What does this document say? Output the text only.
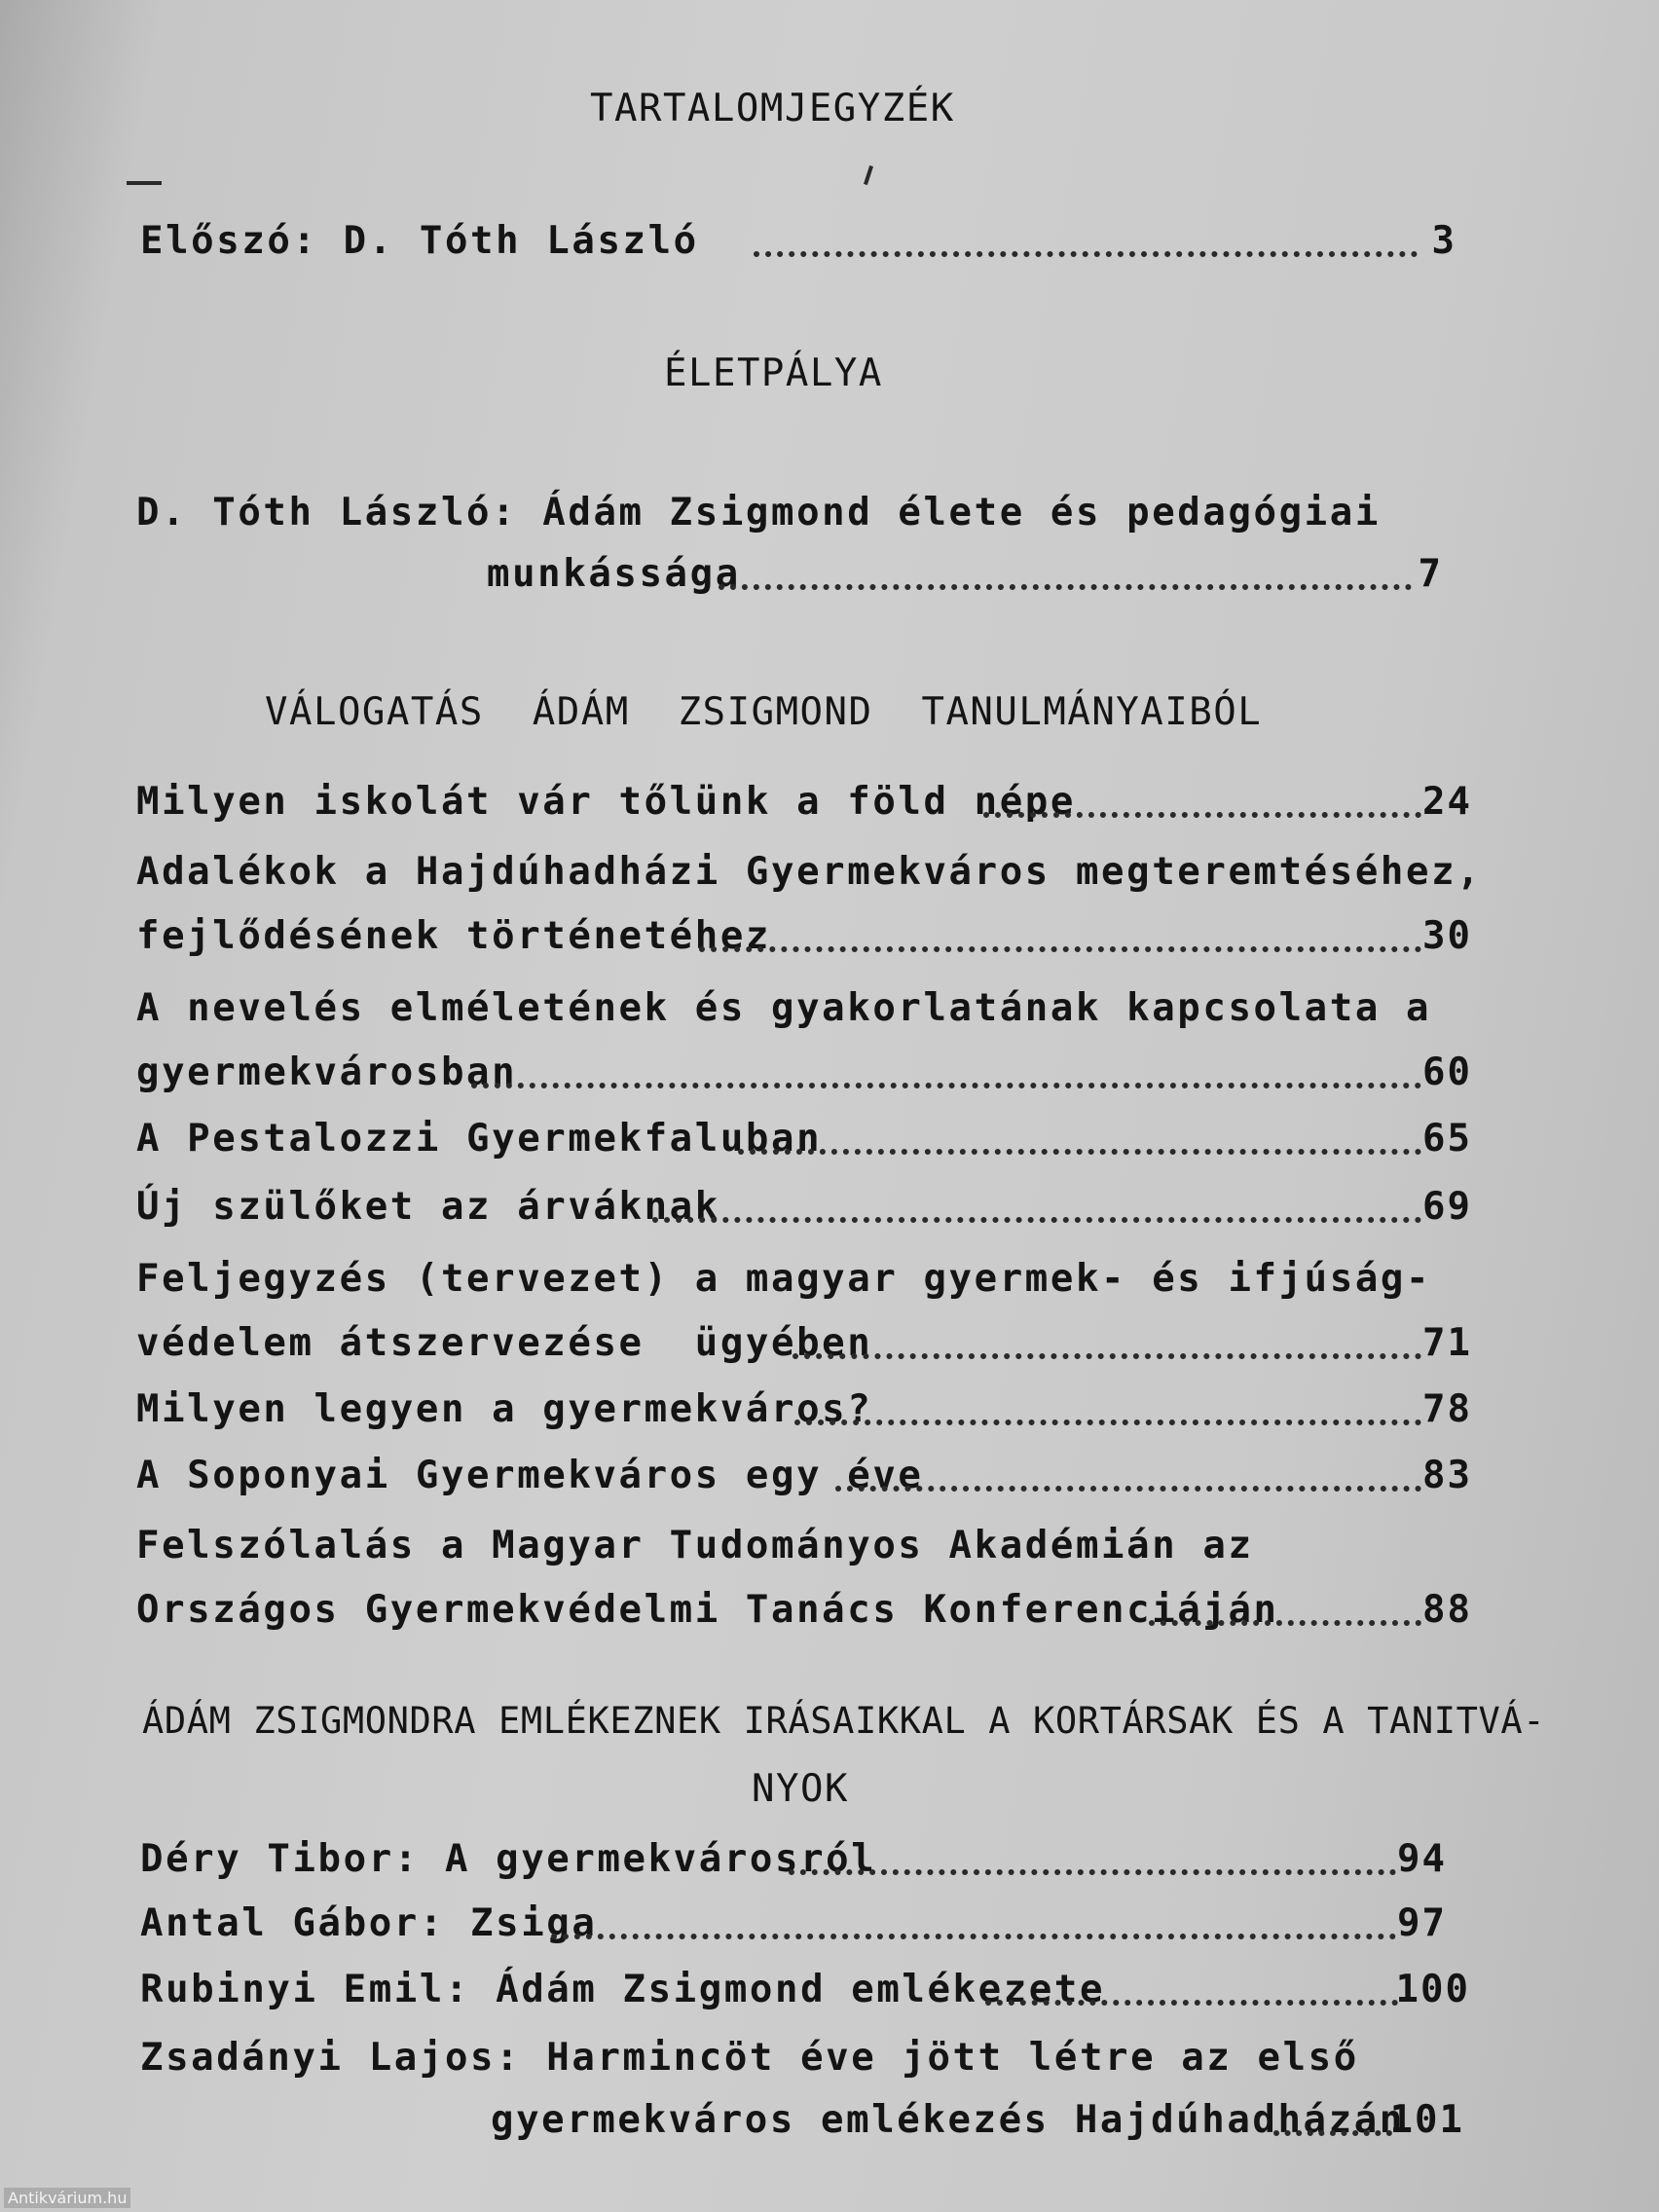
TARTALOMJEGYZÉK
Előszó: D. Tóth László	3
ÉLETPÁLYA
D. Tóth László: Ádám Zsigmond élete és pedagógiai
munkássága	7
VÁLOGATÁS  ÁDÁM  ZSIGMOND  TANULMÁNYAIBÓL
Milyen iskolát vár tőlünk a föld népe	24
Adalékok a Hajdúhadházi Gyermekváros megteremtéséhez,
fejlődésének történetéhez	30
A nevelés elméletének és gyakorlatának kapcsolata a
gyermekvárosban	60
A Pestalozzi Gyermekfaluban	65
Új szülőket az árváknak	69
Feljegyzés (tervezet) a magyar gyermek- és ifjúság-
védelem átszervezése  ügyében	71
Milyen legyen a gyermekváros?	78
A Soponyai Gyermekváros egy éve	83
Felszólalás a Magyar Tudományos Akadémián az
Országos Gyermekvédelmi Tanács Konferenciáján	88
ÁDÁM ZSIGMONDRA EMLÉKEZNEK IRÁSAIKKAL A KORTÁRSAK ÉS A TANITVÁ-
NYOK
Déry Tibor: A gyermekvárosról	94
Antal Gábor: Zsiga	97
Rubinyi Emil: Ádám Zsigmond emlékezete	100
Zsadányi Lajos: Harmincöt éve jött létre az első
gyermekváros emlékezés Hajdúhadházán
101
Antikvárium.hu
